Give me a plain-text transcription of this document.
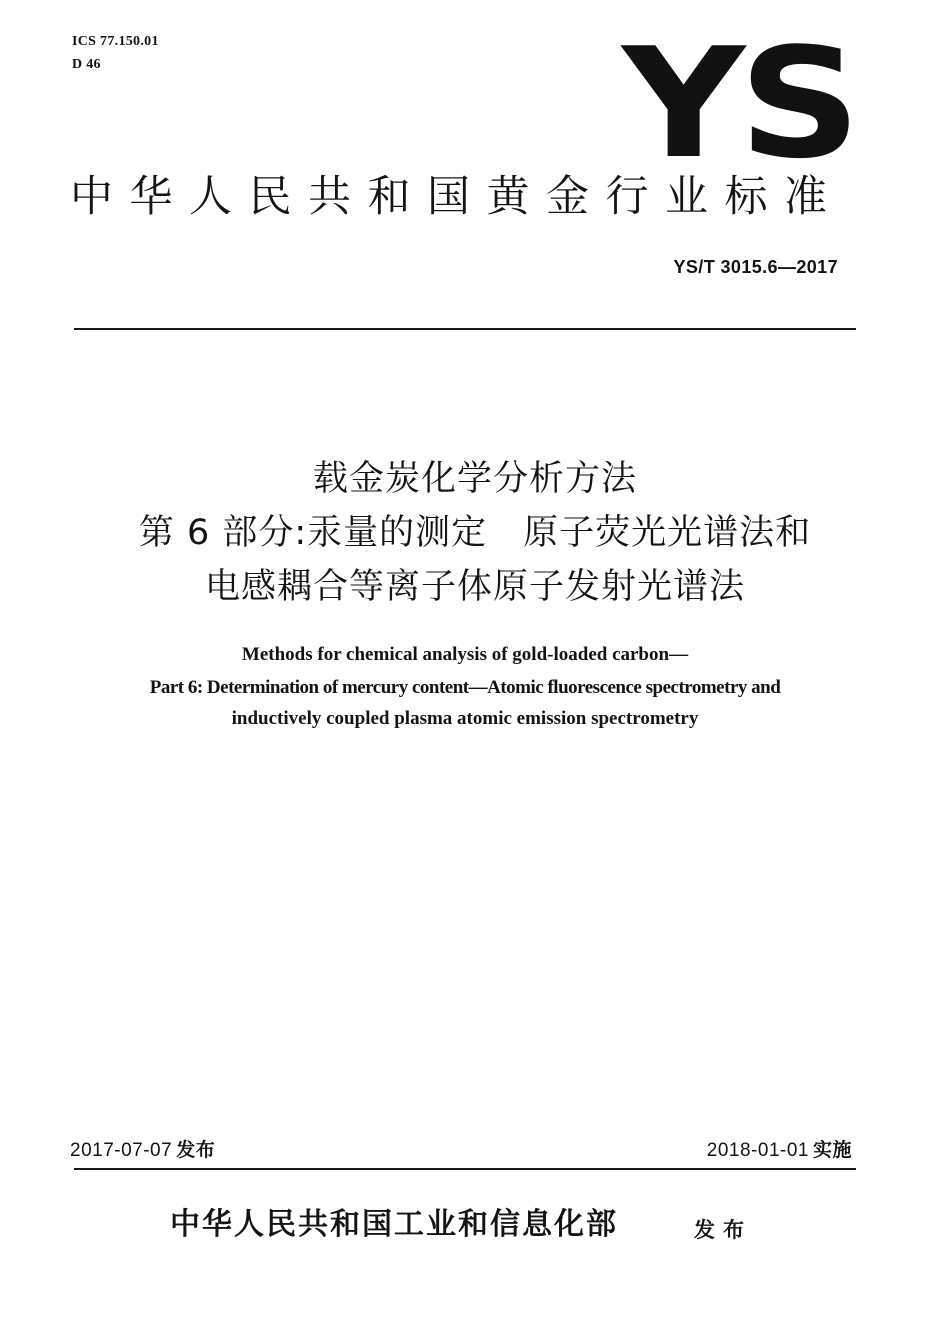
ICS 77.150.01
D 46	YS
中华人民共和国黄金行业标准
YS/T 3015.6—2017
载金炭化学分析方法
第 6 部分:汞量的测定　原子荧光光谱法和
电感耦合等离子体原子发射光谱法
Methods for chemical analysis of gold-loaded carbon—
Part 6: Determination of mercury content—Atomic fluorescence spectrometry and
inductively coupled plasma atomic emission spectrometry
2017-07-07 发布	2018-01-01 实施
中华人民共和国工业和信息化部	发布
